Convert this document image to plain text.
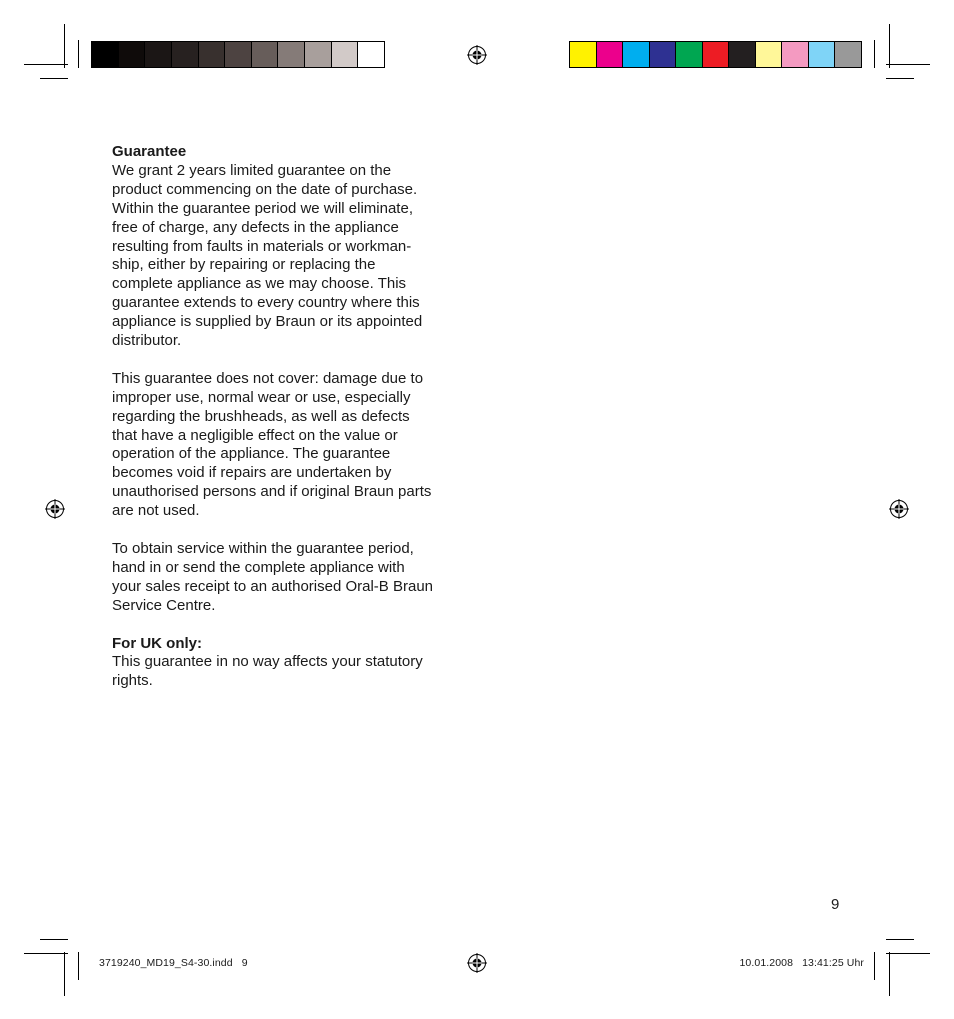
Guarantee

We grant 2 years limited guarantee on the

product commencing on the date of purchase.

Within the guarantee period we will eliminate,

free of charge, any defects in the appliance

resulting from faults in materials or workman-

ship, either by repairing or replacing the

complete appliance as we may choose. This

guarantee extends to every country where this

appliance is supplied by Braun or its appointed

distributor.

This guarantee does not cover: damage due to

improper use, normal wear or use, especially

regarding the brushheads, as well as defects

that have a negligible effect on the value or

operation of the appliance. The guarantee

becomes void if repairs are undertaken by

unauthorised persons and if original Braun parts

are not used.

To obtain service within the guarantee period,

hand in or send the complete appliance with

your sales receipt to an authorised Oral-B Braun

Service Centre.

For UK only:

This guarantee in no way affects your statutory

rights.

9
3719240_MD19_S4-30.indd   9	10.01.2008   13:41:25 Uhr
